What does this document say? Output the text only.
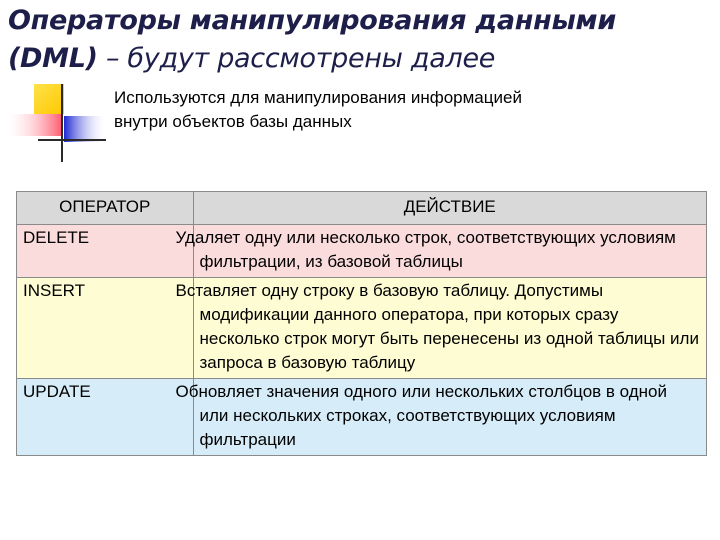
Операторы манипулирования данными
(DML) – будут рассмотрены далее
Используются для манипулирования информацией
внутри объектов базы данных
ОПЕРАТОР	ДЕЙСТВИЕ
DELETE	Удаляет одну или несколько строк, соответствующих условиям фильтрации, из базовой таблицы
INSERT	Вставляет одну строку в базовую таблицу. Допустимы модификации данного оператора, при которых сразу несколько строк могут быть перенесены из одной таблицы или запроса в базовую таблицу
UPDATE	Обновляет значения одного или нескольких столбцов в одной или нескольких строках, соответствующих условиям фильтрации
